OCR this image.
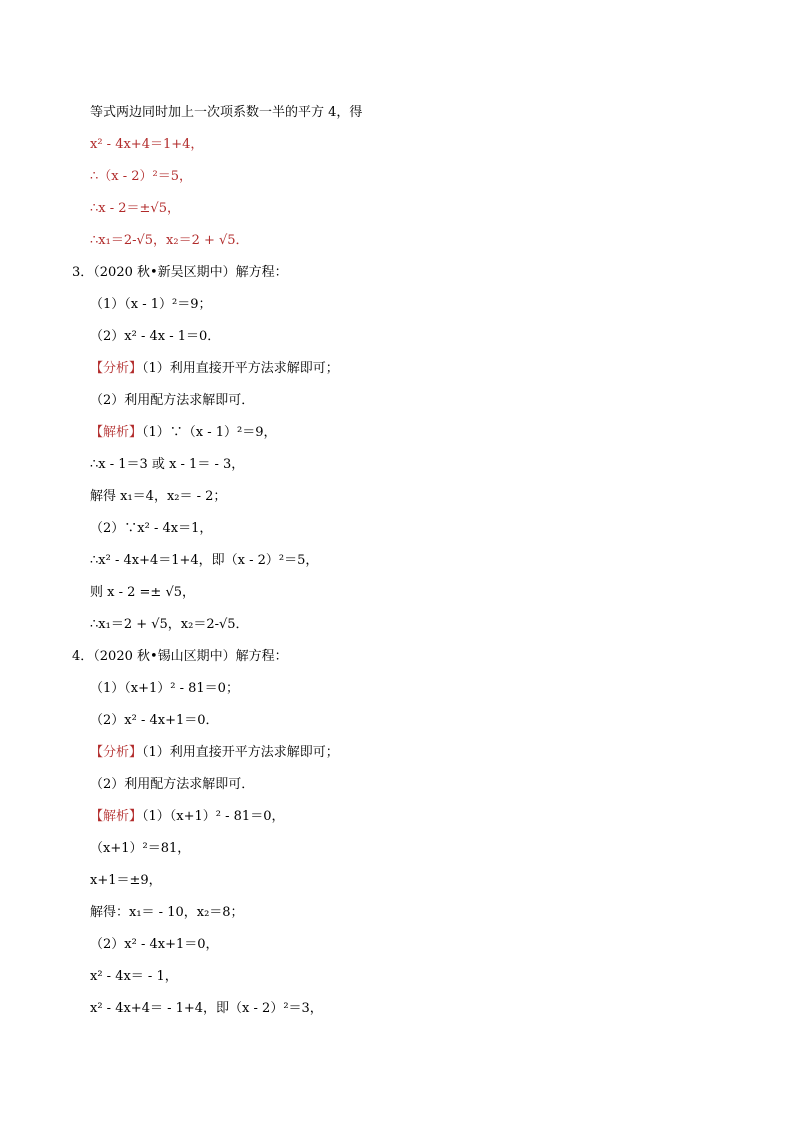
等式两边同时加上一次项系数一半的平方 4，得
x² - 4x+4＝1+4，
∴（x - 2）²＝5，
∴x - 2＝±√5，
∴x₁＝2-√5，x₂＝2 + √5．
3．（2020 秋•新吴区期中）解方程：
（1）（x - 1）²＝9；
（2）x² - 4x - 1＝0．
【分析】（1）利用直接开平方法求解即可；
（2）利用配方法求解即可．
【解析】（1）∵（x - 1）²＝9，
∴x - 1＝3 或 x - 1＝ - 3，
解得 x₁＝4，x₂＝ - 2；
（2）∵x² - 4x＝1，
∴x² - 4x+4＝1+4，即（x - 2）²＝5，
则 x - 2 =± √5，
∴x₁＝2 + √5，x₂＝2-√5．
4．（2020 秋•锡山区期中）解方程：
（1）（x+1）² - 81＝0；
（2）x² - 4x+1＝0．
【分析】（1）利用直接开平方法求解即可；
（2）利用配方法求解即可．
【解析】（1）（x+1）² - 81＝0，
（x+1）²＝81，
x+1＝±9，
解得：x₁＝ - 10，x₂＝8；
（2）x² - 4x+1＝0，
x² - 4x＝ - 1，
x² - 4x+4＝ - 1+4，即（x - 2）²＝3，
